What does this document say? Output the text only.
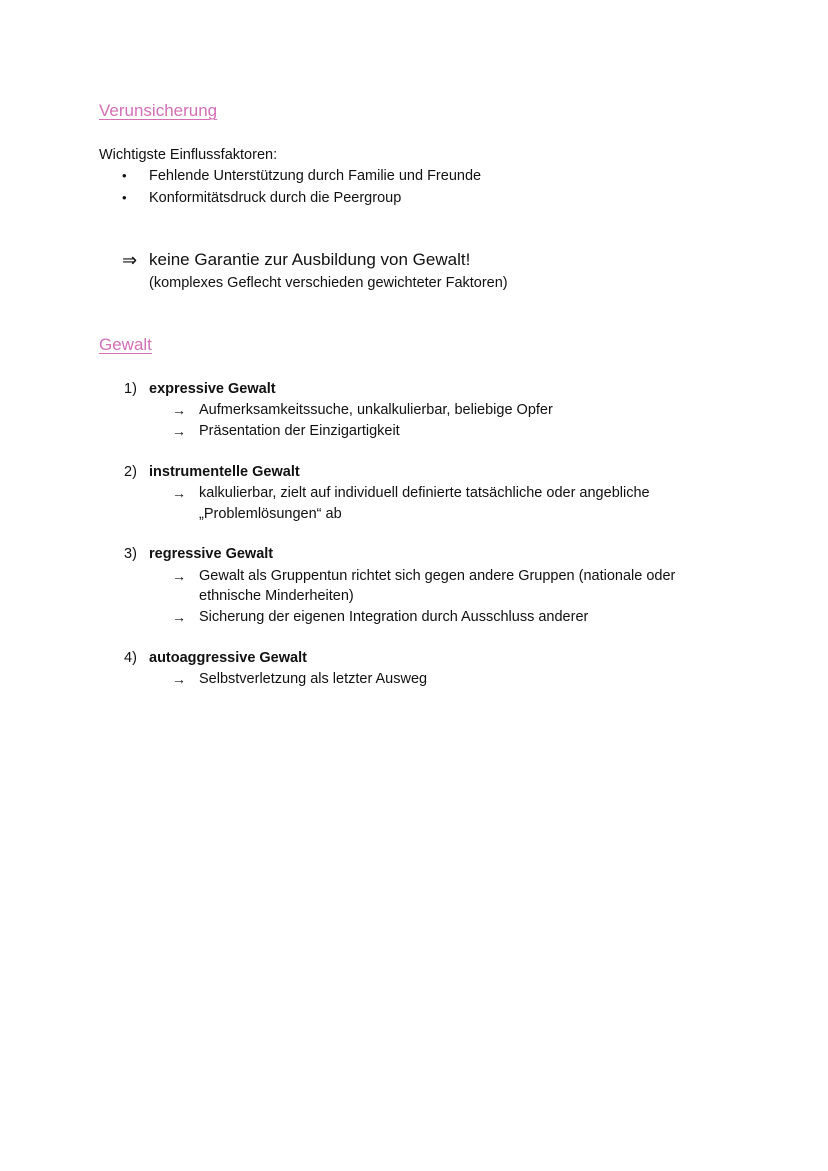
Verunsicherung
Wichtigste Einflussfaktoren:
• Fehlende Unterstützung durch Familie und Freunde
• Konformitätsdruck durch die Peergroup
⇒ keine Garantie zur Ausbildung von Gewalt!
(komplexes Geflecht verschieden gewichteter Faktoren)
Gewalt
1) expressive Gewalt
→ Aufmerksamkeitssuche, unkalkulierbar, beliebige Opfer
→ Präsentation der Einzigartigkeit
2) instrumentelle Gewalt
→ kalkulierbar, zielt auf individuell definierte tatsächliche oder angebliche
„Problemlösungen“ ab
3) regressive Gewalt
→ Gewalt als Gruppentun richtet sich gegen andere Gruppen (nationale oder
ethnische Minderheiten)
→ Sicherung der eigenen Integration durch Ausschluss anderer
4) autoaggressive Gewalt
→ Selbstverletzung als letzter Ausweg
